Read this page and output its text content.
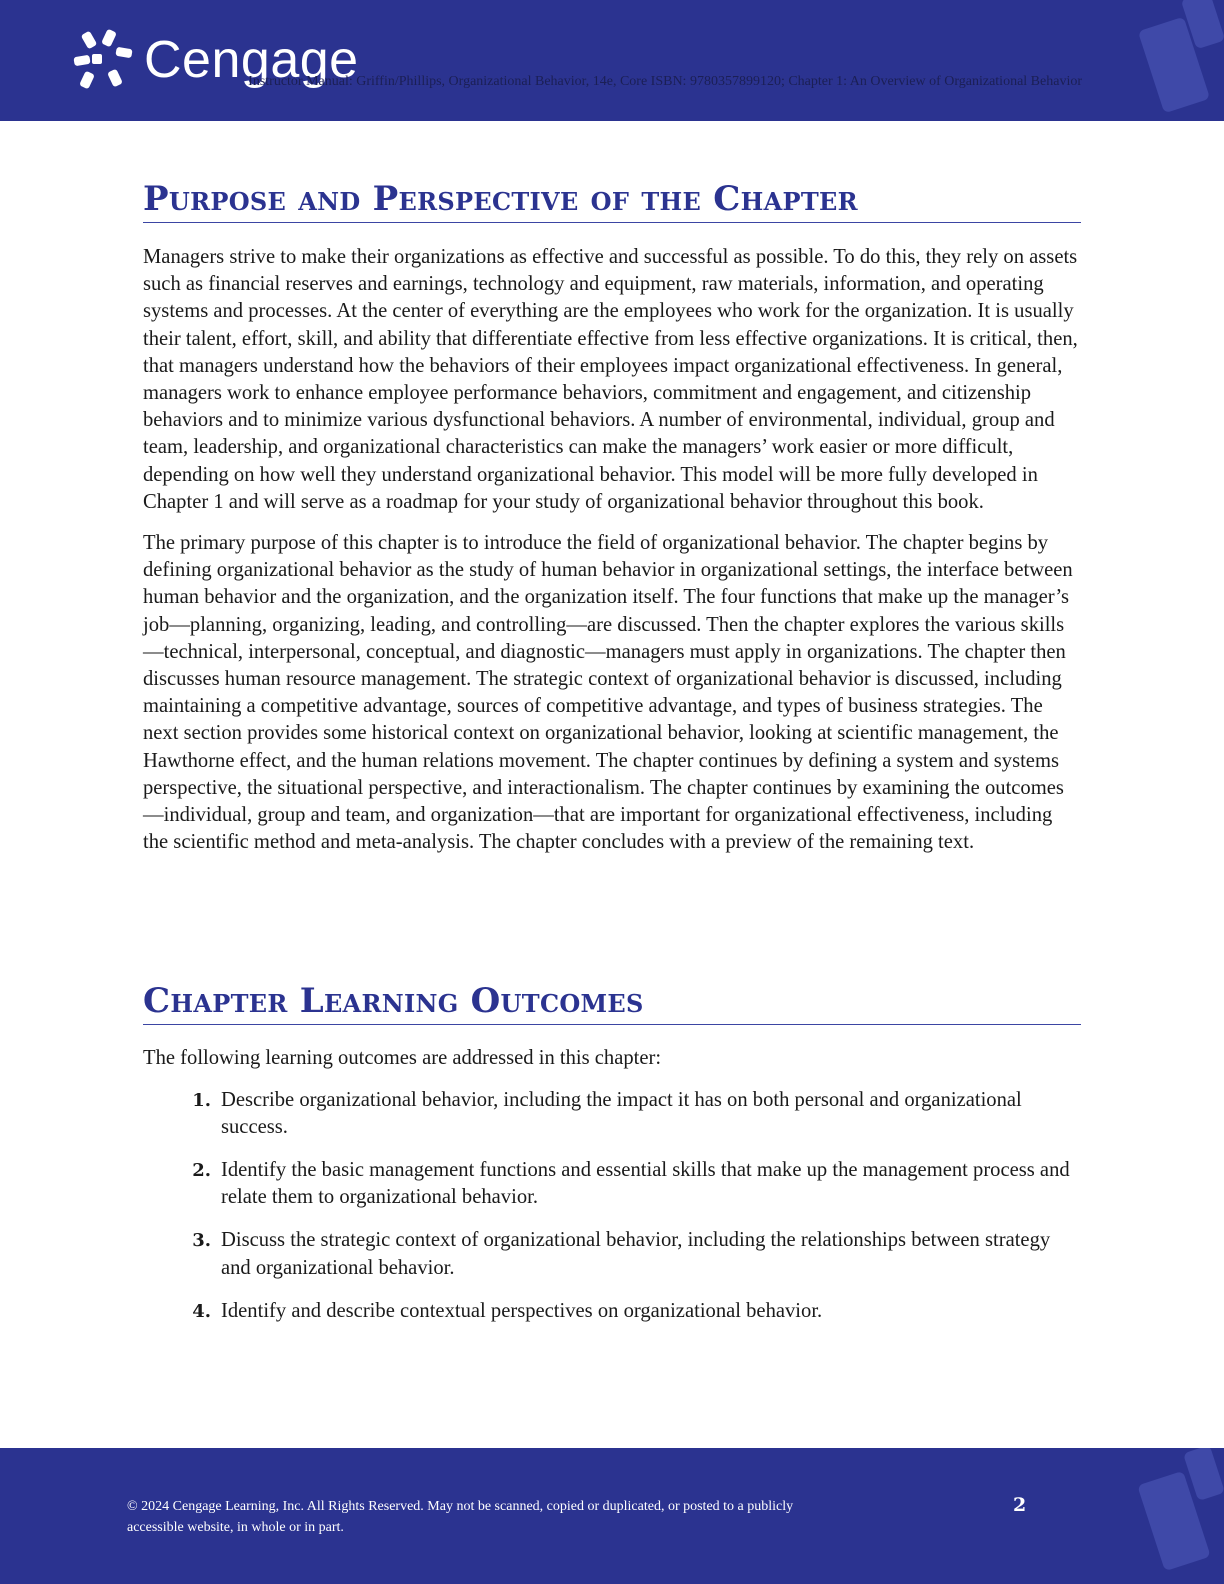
Cengage
Instructor Manual: Griffin/Phillips, Organizational Behavior, 14e, Core ISBN: 9780357899120; Chapter 1: An Overview of Organizational Behavior
Purpose and Perspective of the Chapter

Managers strive to make their organizations as effective and successful as possible. To do this, they rely on assets such as financial reserves and earnings, technology and equipment, raw materials, information, and operating systems and processes. At the center of everything are the employees who work for the organization. It is usually their talent, effort, skill, and ability that differentiate effective from less effective organizations. It is critical, then, that managers understand how the behaviors of their employees impact organizational effectiveness. In general, managers work to enhance employee performance behaviors, commitment and engagement, and citizenship behaviors and to minimize various dysfunctional behaviors. A number of environmental, individual, group and team, leadership, and organizational characteristics can make the managers’ work easier or more difficult, depending on how well they understand organizational behavior. This model will be more fully developed in Chapter 1 and will serve as a roadmap for your study of organizational behavior throughout this book.

The primary purpose of this chapter is to introduce the field of organizational behavior. The chapter begins by defining organizational behavior as the study of human behavior in organizational settings, the interface between human behavior and the organization, and the organization itself. The four functions that make up the manager’s job—planning, organizing, leading, and controlling—are discussed. Then the chapter explores the various skills—technical, interpersonal, conceptual, and diagnostic—managers must apply in organizations. The chapter then discusses human resource management. The strategic context of organizational behavior is discussed, including maintaining a competitive advantage, sources of competitive advantage, and types of business strategies. The next section provides some historical context on organizational behavior, looking at scientific management, the Hawthorne effect, and the human relations movement. The chapter continues by defining a system and systems perspective, the situational perspective, and interactionalism. The chapter continues by examining the outcomes—individual, group and team, and organization—that are important for organizational effectiveness, including the scientific method and meta-analysis. The chapter concludes with a preview of the remaining text.

Chapter Learning Outcomes

The following learning outcomes are addressed in this chapter:

1. Describe organizational behavior, including the impact it has on both personal and organizational success.
2. Identify the basic management functions and essential skills that make up the management process and relate them to organizational behavior.
3. Discuss the strategic context of organizational behavior, including the relationships between strategy and organizational behavior.
4. Identify and describe contextual perspectives on organizational behavior.
© 2024 Cengage Learning, Inc. All Rights Reserved. May not be scanned, copied or duplicated, or posted to a publicly accessible website, in whole or in part.
2
